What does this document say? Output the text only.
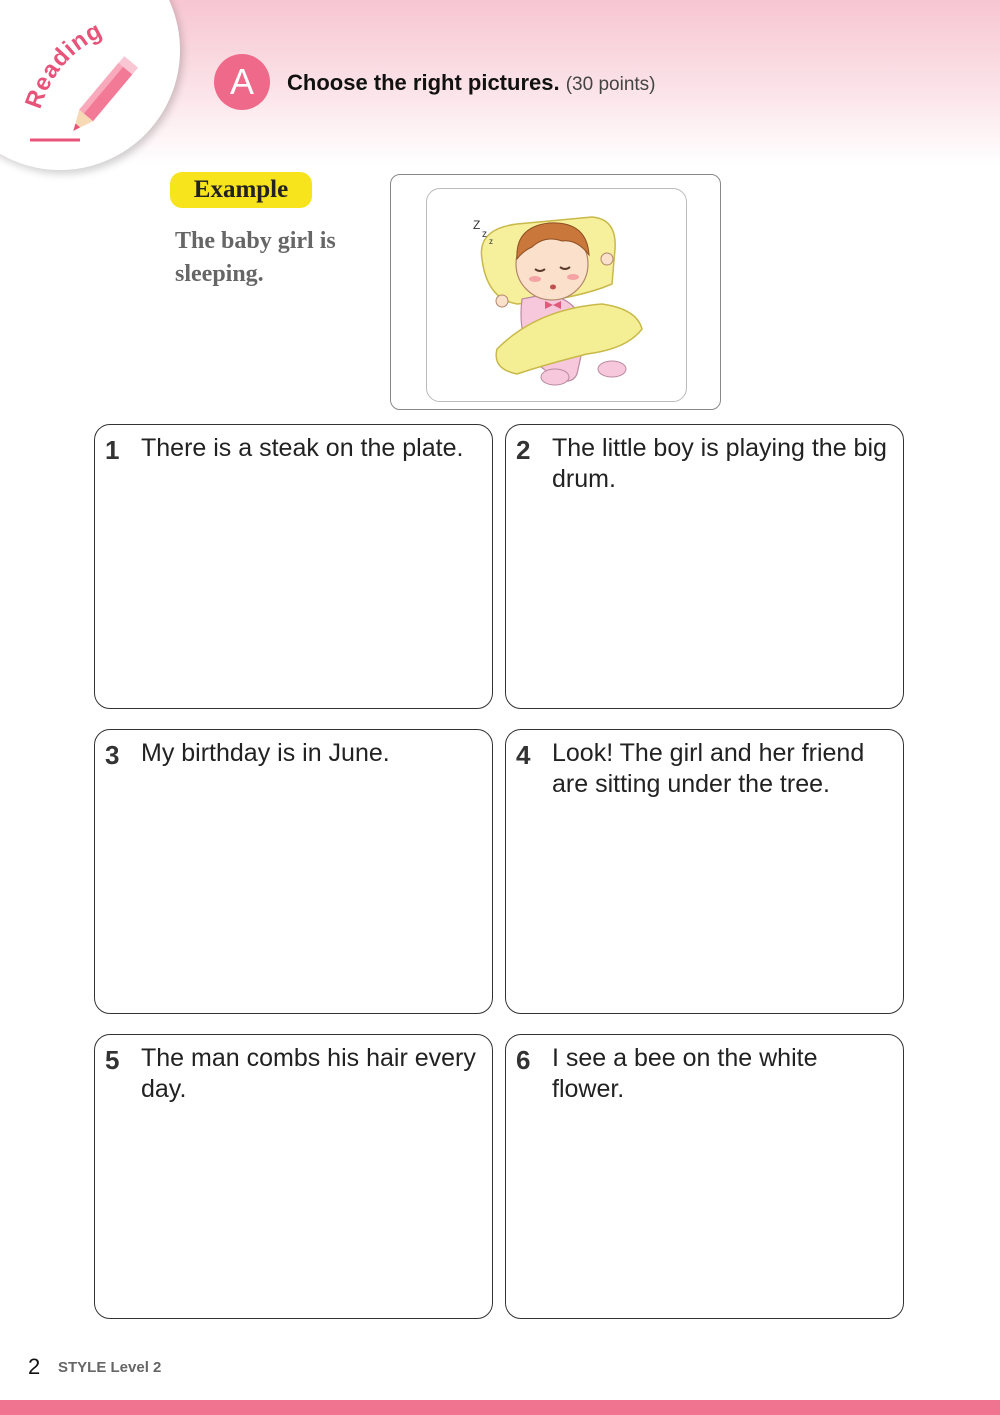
Reading
A	Choose the right pictures. (30 points)
Example
The baby girl is sleeping.
Z
z
z
1 There is a steak on the plate.	2 The little boy is playing the big drum.
3 My birthday is in June.	4 Look! The girl and her friend are sitting under the tree.
5 The man combs his hair every day.
6 I see a bee on the white flower.
2 STYLE Level 2
